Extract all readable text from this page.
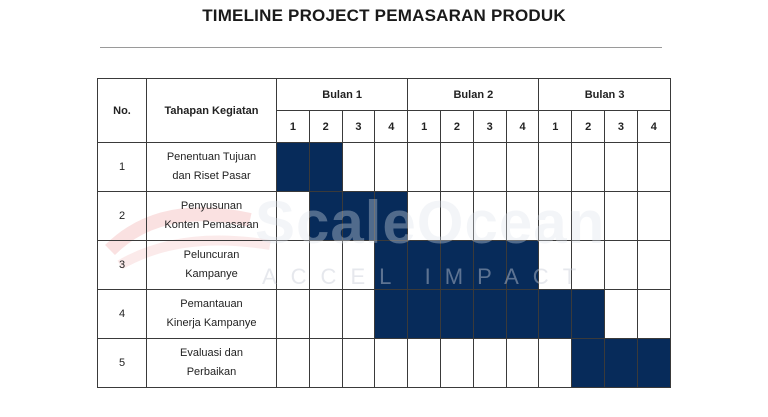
TIMELINE PROJECT PEMASARAN PRODUK
No.	Tahapan Kegiatan	Bulan 1				Bulan 2				Bulan 3			
		1	2	3	4	1	2	3	4	1	2	3	4
1	Penentuan Tujuan
dan Riset Pasar												

2	Penyusunan
Konten Pemasaran												

3	Peluncuran
Kampanye												

4	Pemantauan
Kinerja Kampanye												

5	Evaluasi dan
Perbaikan												

ScaleOcean
ACCEL IMPACT
